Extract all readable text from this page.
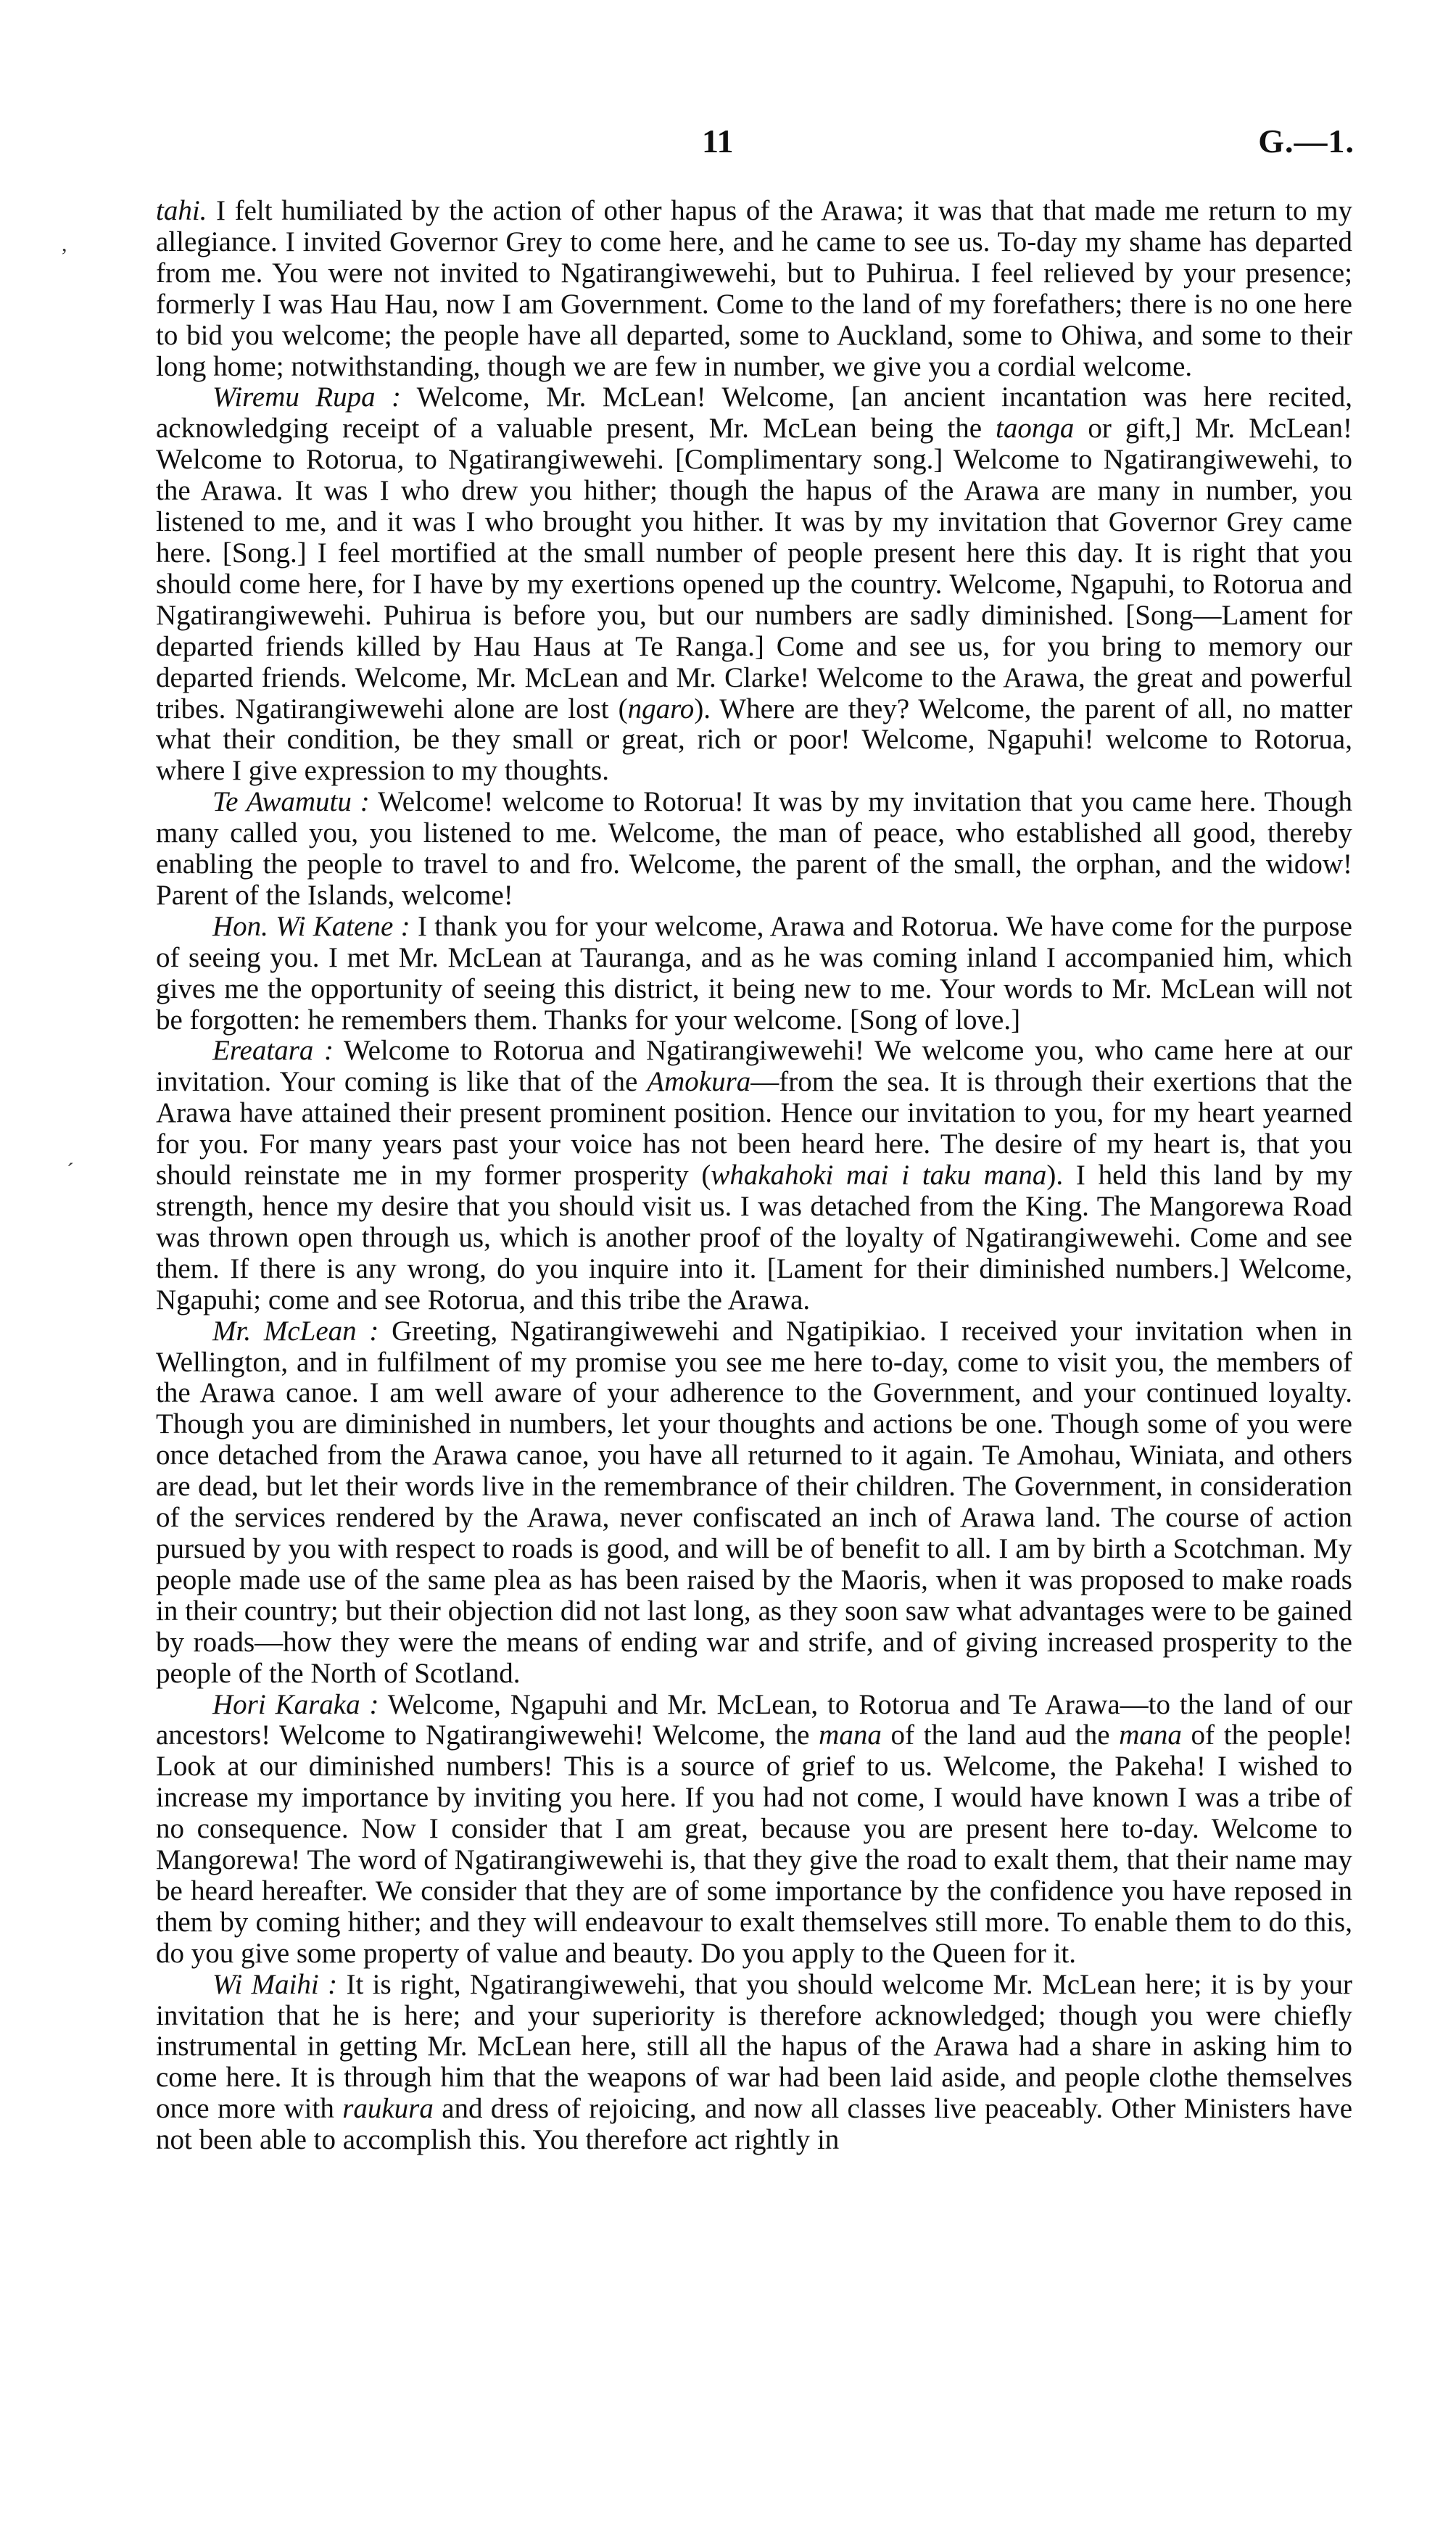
11	G.—1.
,
´

tahi. I felt humiliated by the action of other hapus of the Arawa; it was that that made me return to my allegiance. I invited Governor Grey to come here, and he came to see us. To-day my shame has departed from me. You were not invited to Ngatirangiwewehi, but to Puhirua. I feel relieved by your presence; formerly I was Hau Hau, now I am Government. Come to the land of my forefathers; there is no one here to bid you welcome; the people have all departed, some to Auckland, some to Ohiwa, and some to their long home; notwithstanding, though we are few in number, we give you a cordial welcome.

Wiremu Rupa : Welcome, Mr. McLean! Welcome, [an ancient incantation was here recited, acknowledging receipt of a valuable present, Mr. McLean being the taonga or gift,] Mr. McLean! Welcome to Rotorua, to Ngatirangiwewehi. [Complimentary song.] Welcome to Ngatirangiwewehi, to the Arawa. It was I who drew you hither; though the hapus of the Arawa are many in number, you listened to me, and it was I who brought you hither. It was by my invitation that Governor Grey came here. [Song.] I feel mortified at the small number of people present here this day. It is right that you should come here, for I have by my exertions opened up the country. Welcome, Ngapuhi, to Rotorua and Ngatirangiwewehi. Puhirua is before you, but our numbers are sadly diminished. [Song—Lament for departed friends killed by Hau Haus at Te Ranga.] Come and see us, for you bring to memory our departed friends. Welcome, Mr. McLean and Mr. Clarke! Welcome to the Arawa, the great and powerful tribes. Ngatirangiwewehi alone are lost (ngaro). Where are they? Welcome, the parent of all, no matter what their condition, be they small or great, rich or poor! Welcome, Ngapuhi! welcome to Rotorua, where I give expression to my thoughts.

Te Awamutu : Welcome! welcome to Rotorua! It was by my invitation that you came here. Though many called you, you listened to me. Welcome, the man of peace, who established all good, thereby enabling the people to travel to and fro. Welcome, the parent of the small, the orphan, and the widow! Parent of the Islands, welcome!

Hon. Wi Katene : I thank you for your welcome, Arawa and Rotorua. We have come for the purpose of seeing you. I met Mr. McLean at Tauranga, and as he was coming inland I accompanied him, which gives me the opportunity of seeing this district, it being new to me. Your words to Mr. McLean will not be forgotten: he remembers them. Thanks for your welcome. [Song of love.]

Ereatara : Welcome to Rotorua and Ngatirangiwewehi! We welcome you, who came here at our invitation. Your coming is like that of the Amokura—from the sea. It is through their exertions that the Arawa have attained their present prominent position. Hence our invitation to you, for my heart yearned for you. For many years past your voice has not been heard here. The desire of my heart is, that you should reinstate me in my former prosperity (whakahoki mai i taku mana). I held this land by my strength, hence my desire that you should visit us. I was detached from the King. The Mangorewa Road was thrown open through us, which is another proof of the loyalty of Ngatirangiwewehi. Come and see them. If there is any wrong, do you inquire into it. [Lament for their diminished numbers.] Welcome, Ngapuhi; come and see Rotorua, and this tribe the Arawa.

Mr. McLean : Greeting, Ngatirangiwewehi and Ngatipikiao. I received your invitation when in Wellington, and in fulfilment of my promise you see me here to-day, come to visit you, the members of the Arawa canoe. I am well aware of your adherence to the Government, and your continued loyalty. Though you are diminished in numbers, let your thoughts and actions be one. Though some of you were once detached from the Arawa canoe, you have all returned to it again. Te Amohau, Winiata, and others are dead, but let their words live in the remembrance of their children. The Government, in consideration of the services rendered by the Arawa, never confiscated an inch of Arawa land. The course of action pursued by you with respect to roads is good, and will be of benefit to all. I am by birth a Scotchman. My people made use of the same plea as has been raised by the Maoris, when it was proposed to make roads in their country; but their objection did not last long, as they soon saw what advantages were to be gained by roads—how they were the means of ending war and strife, and of giving increased prosperity to the people of the North of Scotland.

Hori Karaka : Welcome, Ngapuhi and Mr. McLean, to Rotorua and Te Arawa—to the land of our ancestors! Welcome to Ngatirangiwewehi! Welcome, the mana of the land aud the mana of the people! Look at our diminished numbers! This is a source of grief to us. Welcome, the Pakeha! I wished to increase my importance by inviting you here. If you had not come, I would have known I was a tribe of no consequence. Now I consider that I am great, because you are present here to-day. Welcome to Mangorewa! The word of Ngatirangiwewehi is, that they give the road to exalt them, that their name may be heard hereafter. We consider that they are of some importance by the confidence you have reposed in them by coming hither; and they will endeavour to exalt themselves still more. To enable them to do this, do you give some property of value and beauty. Do you apply to the Queen for it.

Wi Maihi : It is right, Ngatirangiwewehi, that you should welcome Mr. McLean here; it is by your invitation that he is here; and your superiority is therefore acknowledged; though you were chiefly instrumental in getting Mr. McLean here, still all the hapus of the Arawa had a share in asking him to come here. It is through him that the weapons of war had been laid aside, and people clothe themselves once more with raukura and dress of rejoicing, and now all classes live peaceably. Other Ministers have not been able to accomplish this. You therefore act rightly in
